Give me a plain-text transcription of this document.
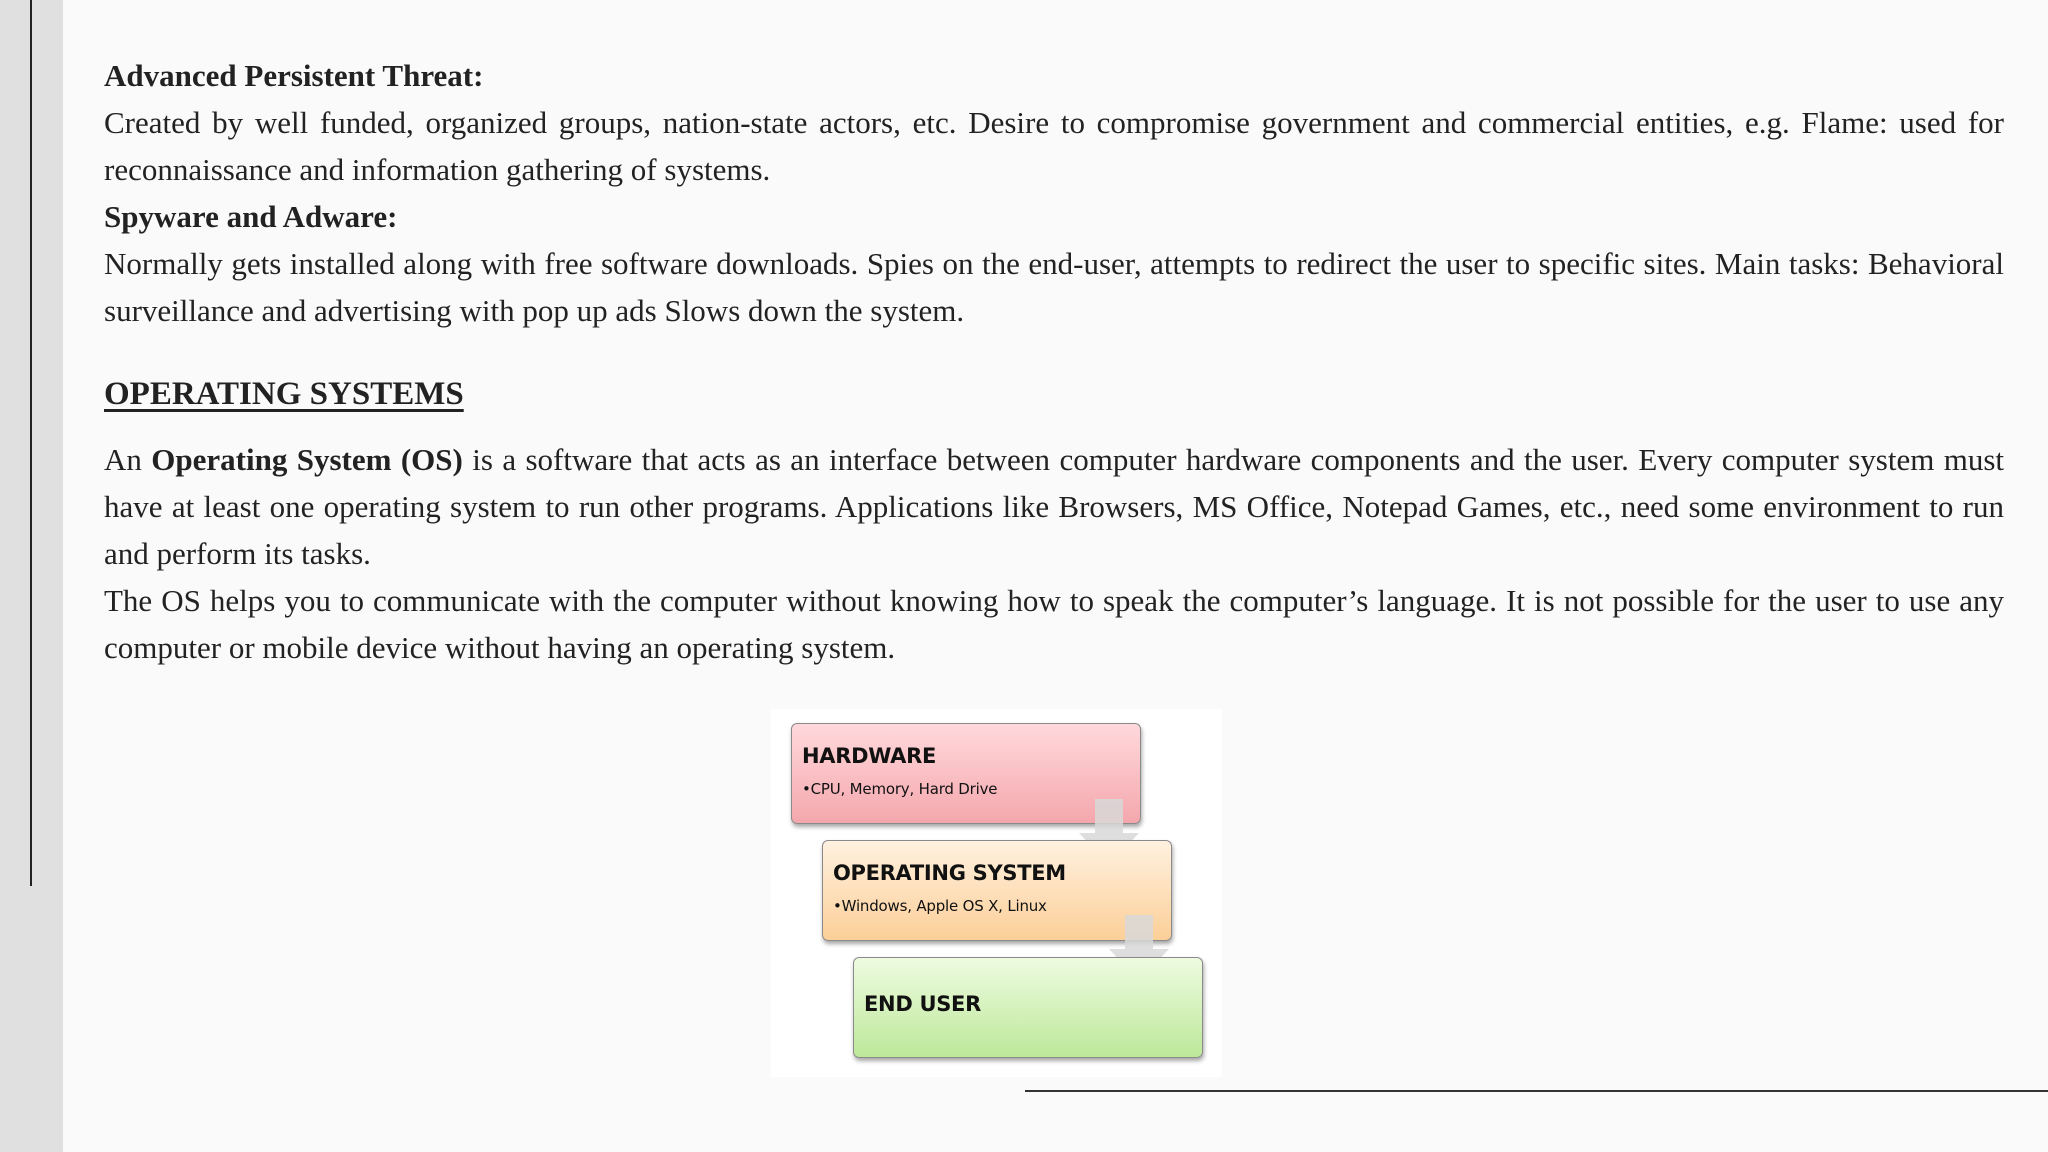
Advanced Persistent Threat:

Created by well funded, organized groups, nation-state actors, etc. Desire to compromise government and commercial entities, e.g. Flame: used for reconnaissance and information gathering of systems.

Spyware and Adware:

Normally gets installed along with free software downloads. Spies on the end-user, attempts to redirect the user to specific sites. Main tasks: Behavioral surveillance and advertising with pop up ads Slows down the system.

OPERATING SYSTEMS

An Operating System (OS) is a software that acts as an interface between computer hardware components and the user. Every computer system must have at least one operating system to run other programs. Applications like Browsers, MS Office, Notepad Games, etc., need some environment to run and perform its tasks.

The OS helps you to communicate with the computer without knowing how to speak the computer’s language. It is not possible for the user to use any computer or mobile device without having an operating system.

HARDWARE
•CPU, Memory, Hard Drive
OPERATING SYSTEM
•Windows, Apple OS X, Linux
END USER
